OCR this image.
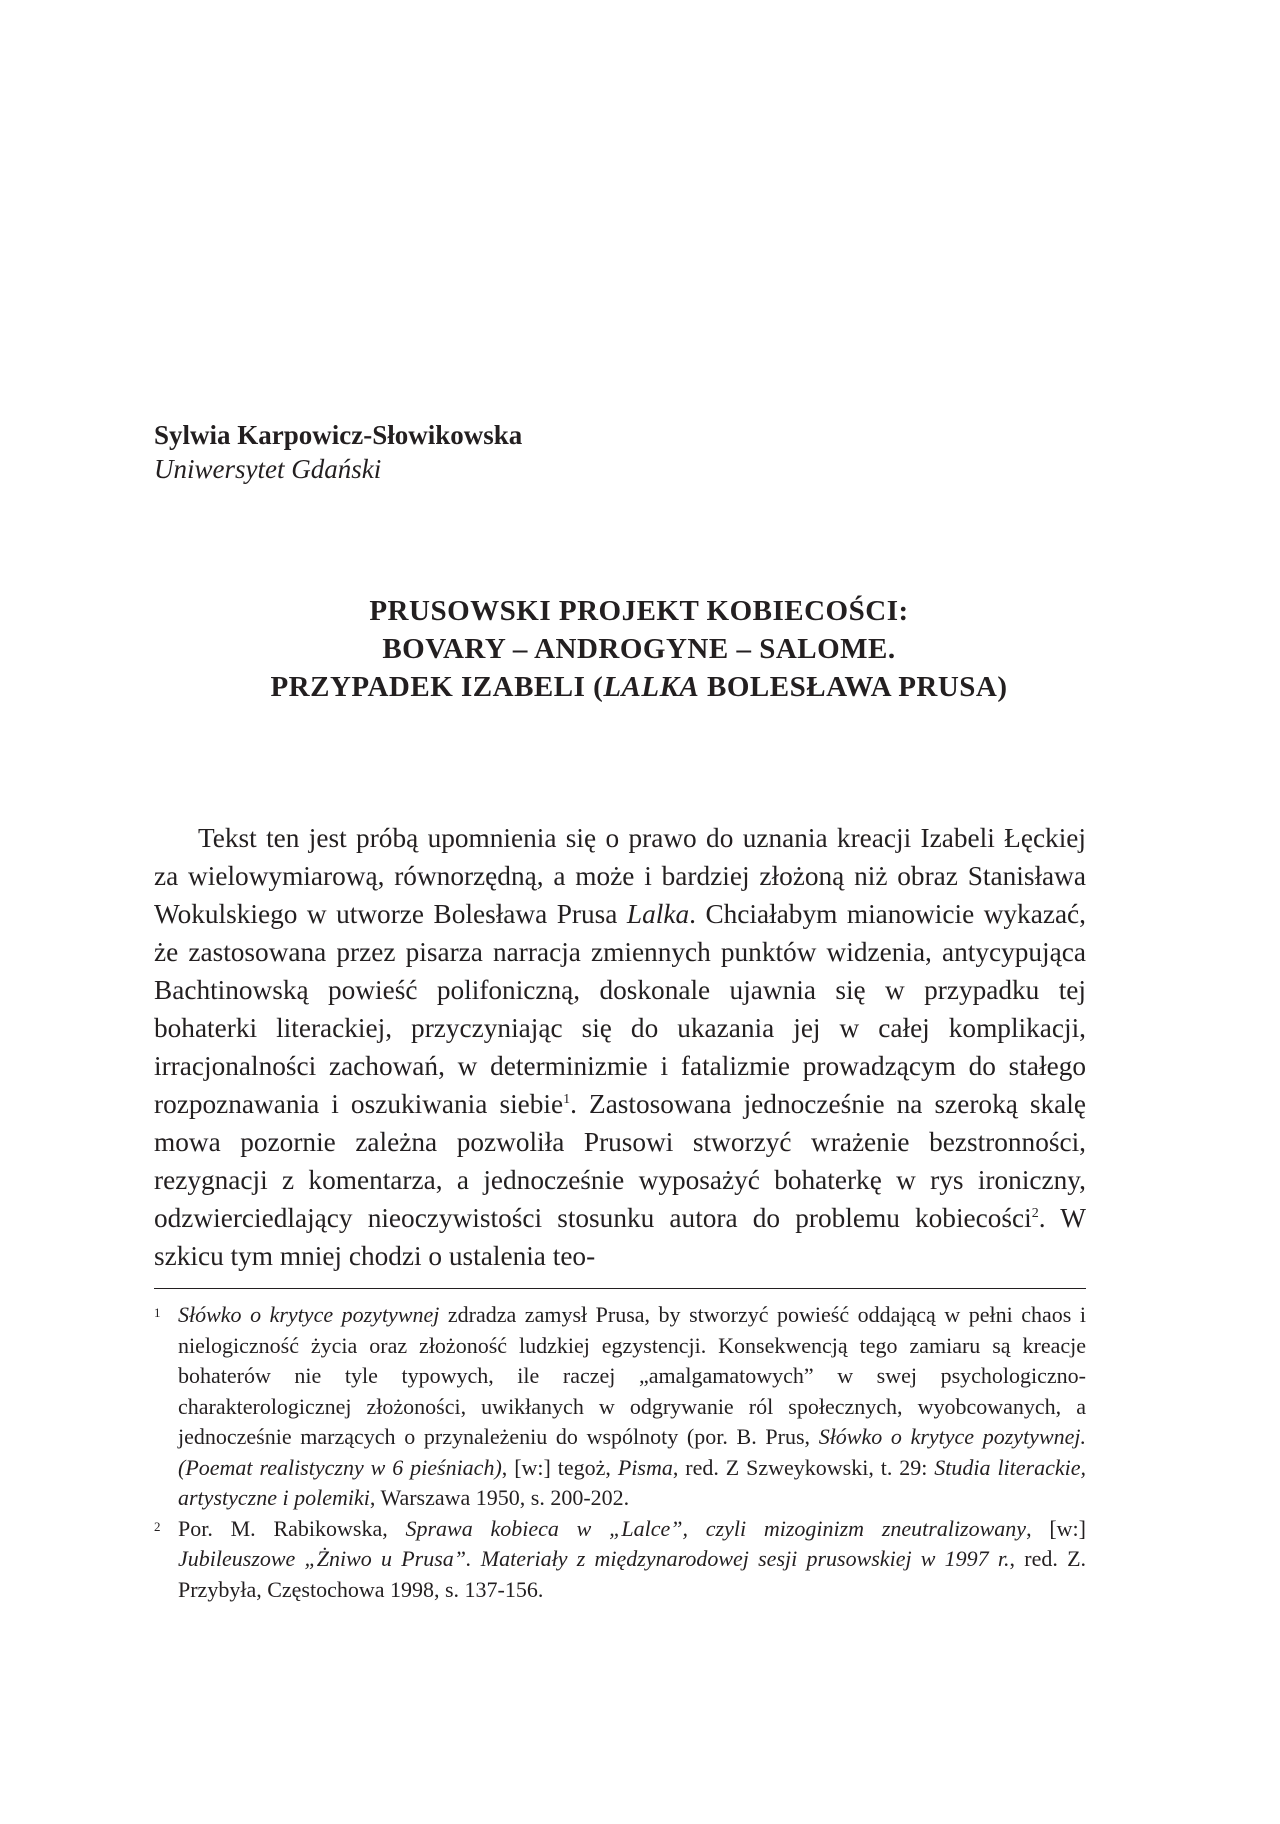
Sylwia Karpowicz-Słowikowska
Uniwersytet Gdański
PRUSOWSKI PROJEKT KOBIECOŚCI:
BOVARY – ANDROGYNE – SALOME.
PRZYPADEK IZABELI (LALKA BOLESŁAWA PRUSA)

Tekst ten jest próbą upomnienia się o prawo do uznania kreacji Izabeli Łęckiej za wielowymiarową, równorzędną, a może i bardziej złożoną niż obraz Stanisława Wokulskiego w utworze Bolesława Prusa Lalka. Chciałabym mianowicie wykazać, że zastosowana przez pisarza narracja zmiennych punktów widzenia, antycypująca Bachtinowską powieść polifoniczną, doskonale ujawnia się w przypadku tej bohaterki literackiej, przyczyniając się do ukazania jej w całej komplikacji, irracjonalności zachowań, w determinizmie i fatalizmie prowadzącym do stałego rozpoznawania i oszukiwania siebie$^1$. Zastosowana jednocześnie na szeroką skalę mowa pozornie zależna pozwoliła Prusowi stworzyć wrażenie bezstronności, rezygnacji z komentarza, a jednocześnie wyposażyć bohaterkę w rys ironiczny, odzwierciedlający nieoczywistości stosunku autora do problemu kobiecości$^2$. W szkicu tym mniej chodzi o ustalenia teo-

1 Słówko o krytyce pozytywnej zdradza zamysł Prusa, by stworzyć powieść oddającą w pełni chaos i nielogiczność życia oraz złożoność ludzkiej egzystencji. Konsekwencją tego zamiaru są kreacje bohaterów nie tyle typowych, ile raczej „amalgamatowych” w swej psychologiczno-charakterologicznej złożoności, uwikłanych w odgrywanie ról społecznych, wyobcowanych, a jednocześnie marzących o przynależeniu do wspólnoty (por. B. Prus, Słówko o krytyce pozytywnej.(Poemat realistyczny w 6 pieśniach), [w:] tegoż, Pisma, red. Z Szweykowski, t. 29: Studia literackie, artystyczne i polemiki, Warszawa 1950, s. 200-202.
2 Por. M. Rabikowska, Sprawa kobieca w „Lalce”, czyli mizoginizm zneutralizowany, [w:] Jubileuszowe „Żniwo u Prusa”. Materiały z międzynarodowej sesji prusowskiej w 1997 r., red. Z. Przybyła, Częstochowa 1998, s. 137-156.
